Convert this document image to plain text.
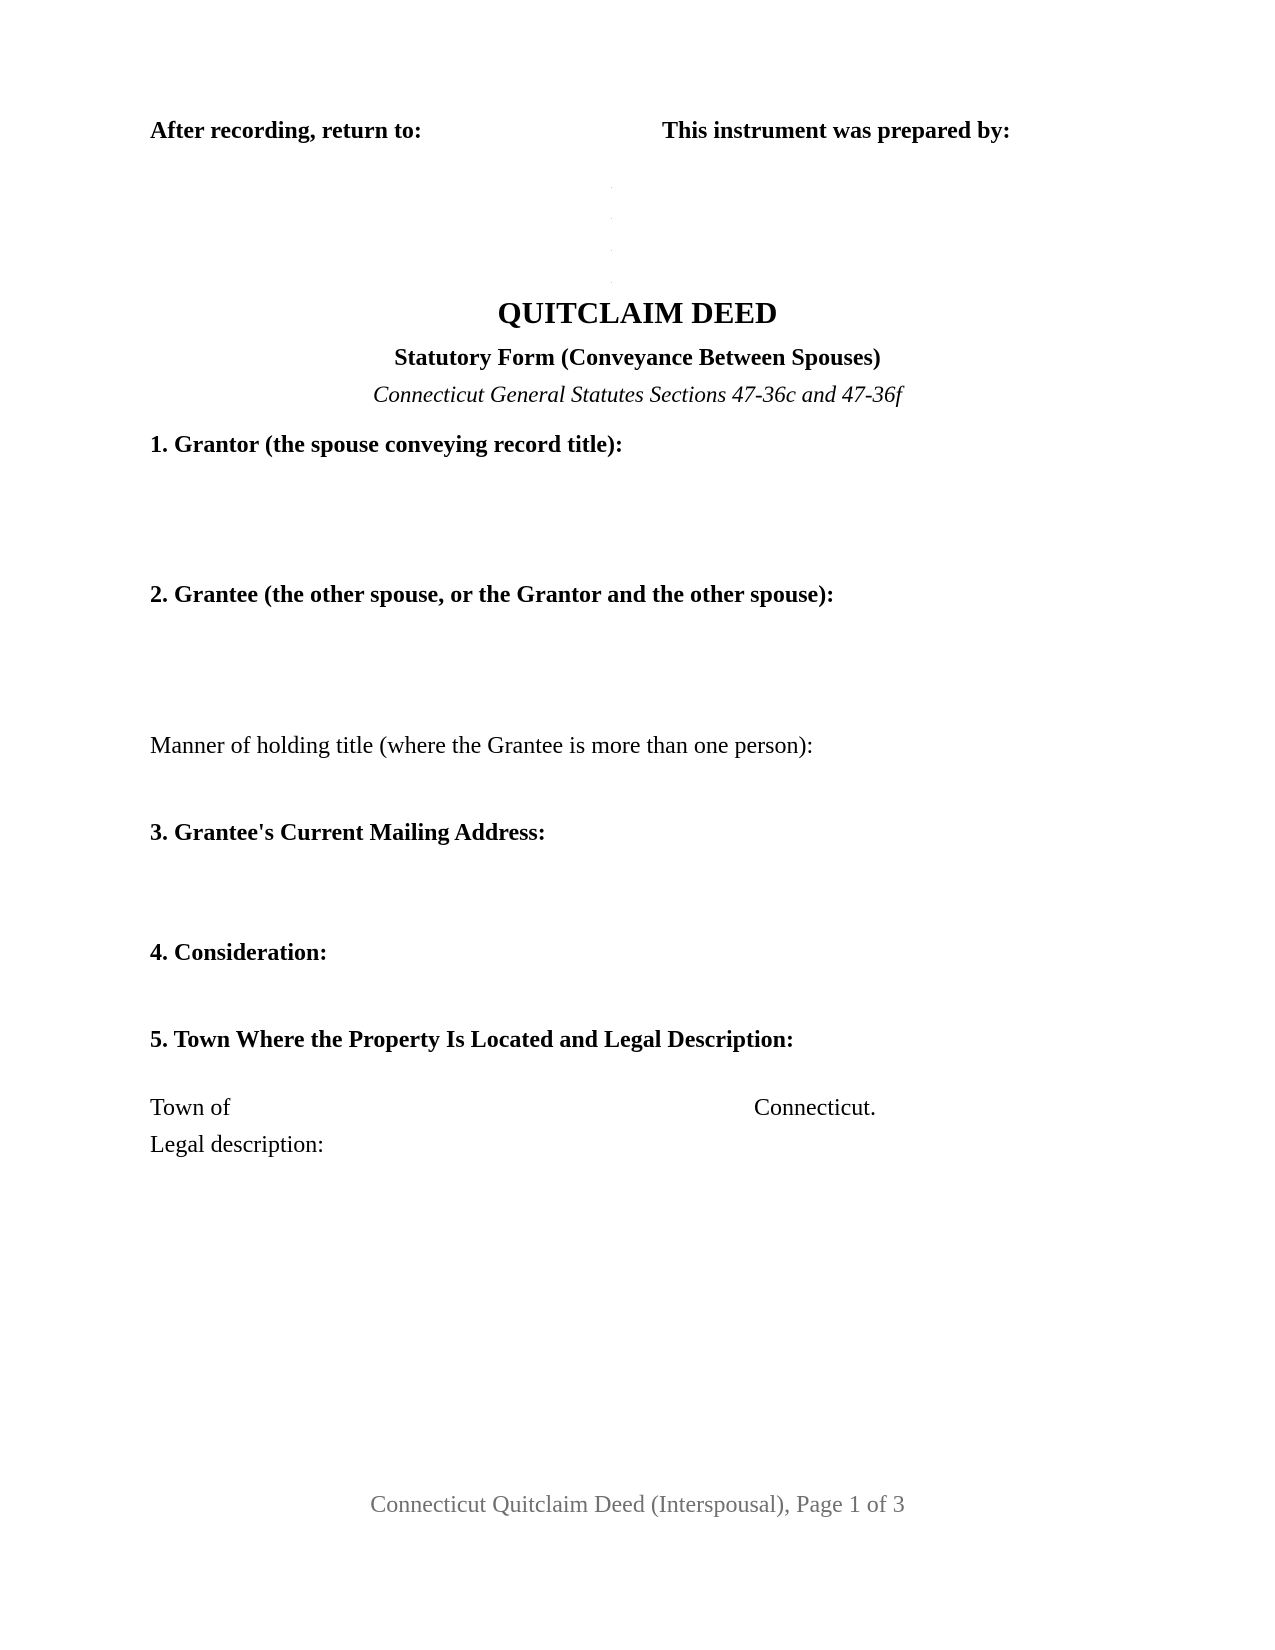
After recording, return to:	This instrument was prepared by:
QUITCLAIM DEED
Statutory Form (Conveyance Between Spouses)
Connecticut General Statutes Sections 47-36c and 47-36f
1. Grantor (the spouse conveying record title):
2. Grantee (the other spouse, or the Grantor and the other spouse):
Manner of holding title (where the Grantee is more than one person):
3. Grantee's Current Mailing Address:
4. Consideration:
5. Town Where the Property Is Located and Legal Description:
Town of	Connecticut.
Legal description:
Connecticut Quitclaim Deed (Interspousal), Page 1 of 3
